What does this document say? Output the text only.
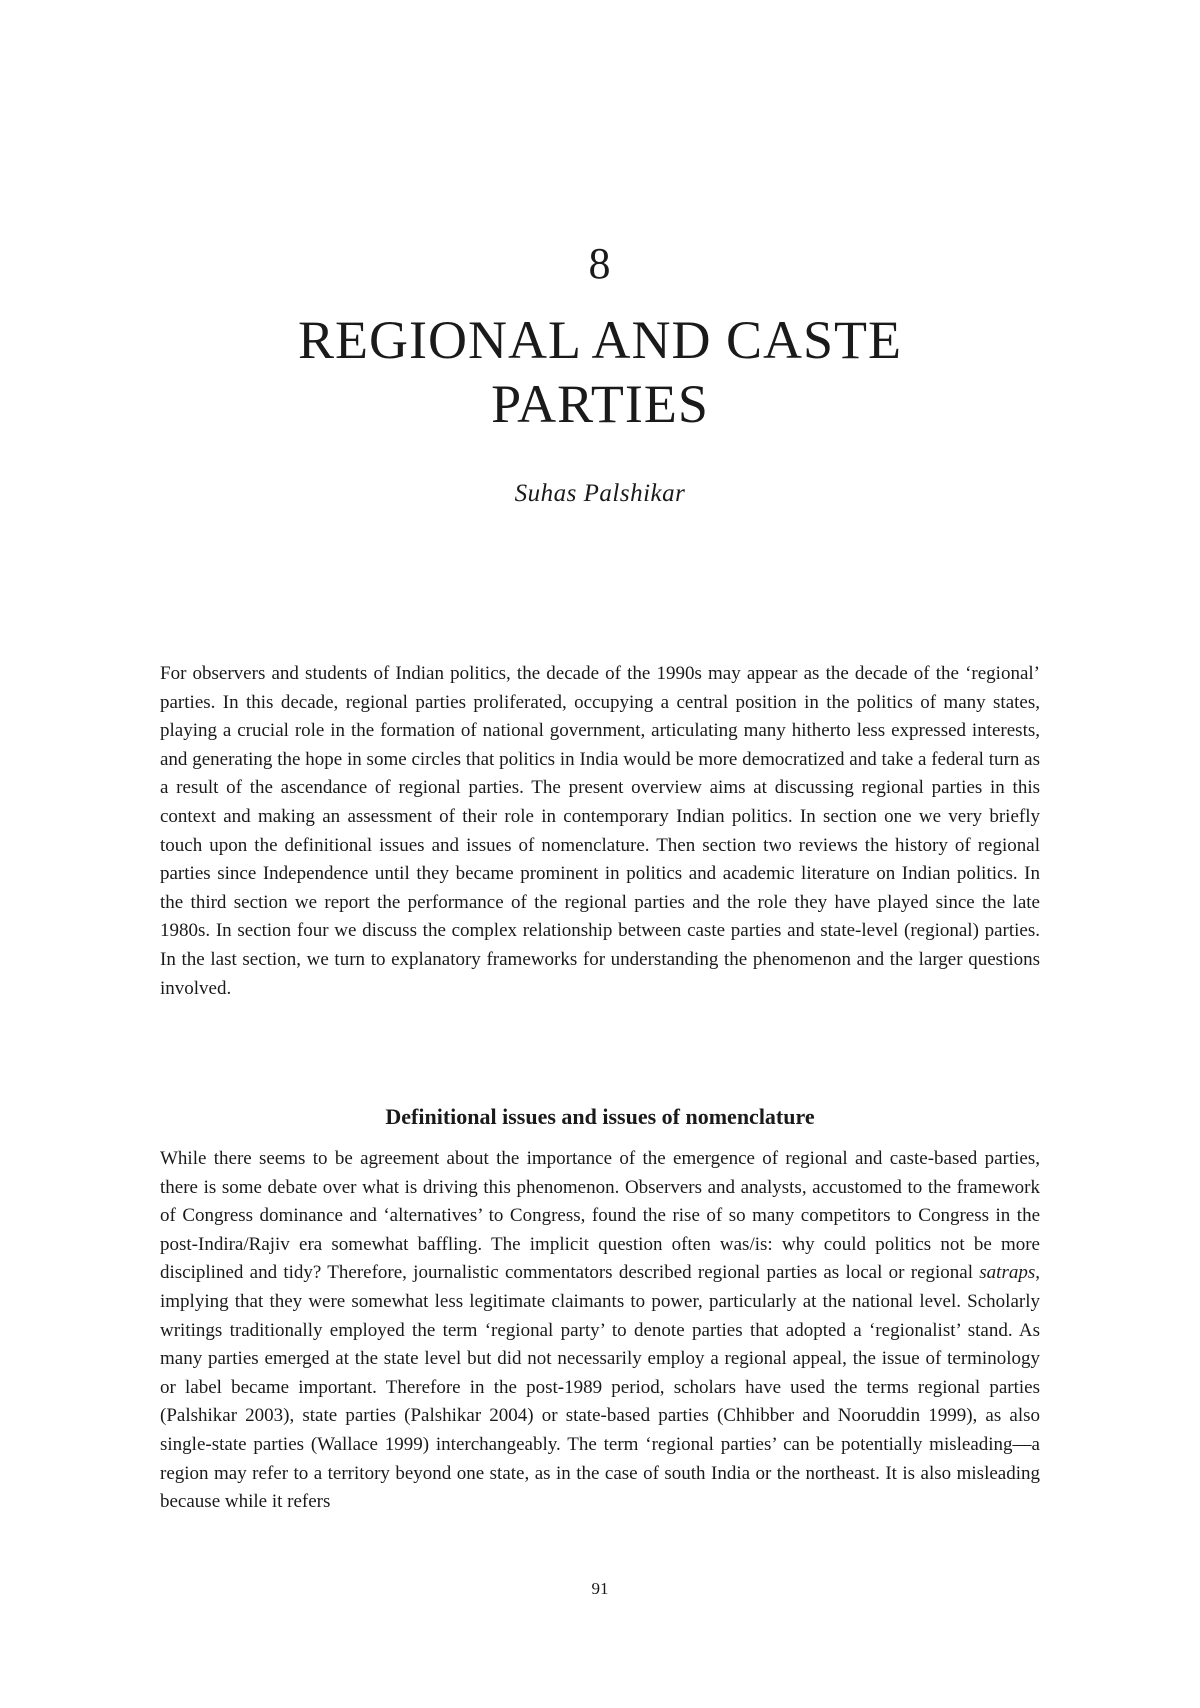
8
REGIONAL AND CASTE
PARTIES
Suhas Palshikar

For observers and students of Indian politics, the decade of the 1990s may appear as the decade of the ‘regional’ parties. In this decade, regional parties proliferated, occupying a central position in the politics of many states, playing a crucial role in the formation of national government, articulating many hitherto less expressed interests, and generating the hope in some circles that politics in India would be more democratized and take a federal turn as a result of the ascendance of regional parties. The present overview aims at discussing regional parties in this context and making an assessment of their role in contemporary Indian politics. In section one we very briefly touch upon the definitional issues and issues of nomenclature. Then section two reviews the history of regional parties since Independence until they became prominent in politics and academic literature on Indian politics. In the third section we report the performance of the regional parties and the role they have played since the late 1980s. In section four we discuss the complex relationship between caste parties and state-level (regional) parties. In the last section, we turn to explanatory frameworks for understanding the phenomenon and the larger questions involved.

Definitional issues and issues of nomenclature

While there seems to be agreement about the importance of the emergence of regional and caste-based parties, there is some debate over what is driving this phenomenon. Observers and analysts, accustomed to the framework of Congress dominance and ‘alternatives’ to Congress, found the rise of so many competitors to Congress in the post-Indira/Rajiv era somewhat baffling. The implicit question often was/is: why could politics not be more disciplined and tidy? Therefore, journalistic commentators described regional parties as local or regional satraps, implying that they were somewhat less legitimate claimants to power, particularly at the national level. Scholarly writings traditionally employed the term ‘regional party’ to denote parties that adopted a ‘regionalist’ stand. As many parties emerged at the state level but did not necessarily employ a regional appeal, the issue of terminology or label became important. Therefore in the post-1989 period, scholars have used the terms regional parties (Palshikar 2003), state parties (Palshikar 2004) or state-based parties (Chhibber and Nooruddin 1999), as also single-state parties (Wallace 1999) interchangeably. The term ‘regional parties’ can be potentially misleading—a region may refer to a territory beyond one state, as in the case of south India or the northeast. It is also misleading because while it refers

91
